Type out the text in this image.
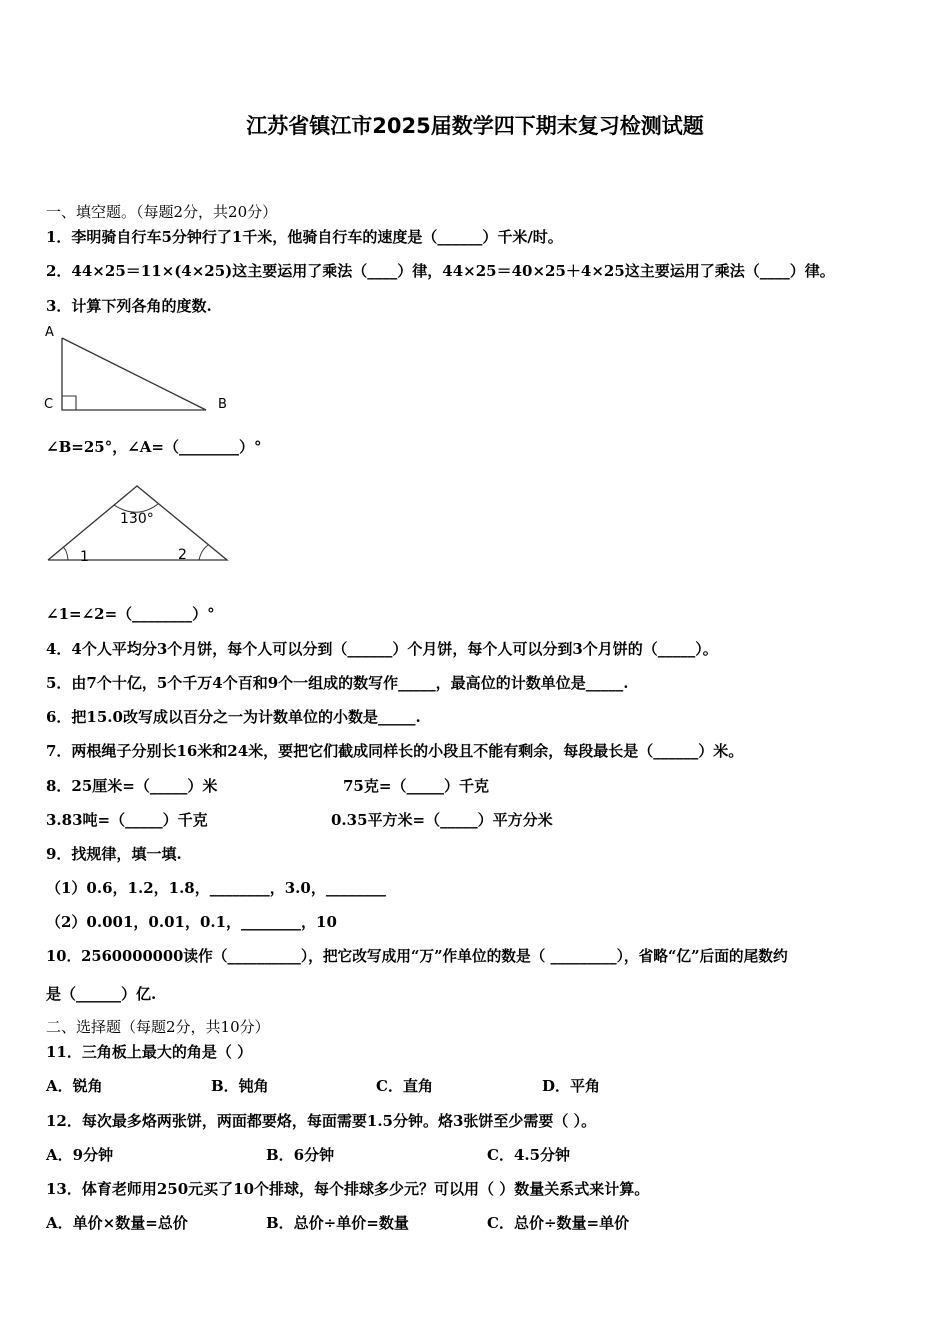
江苏省镇江市2025届数学四下期末复习检测试题
一、填空题。（每题2分，共20分）
1．李明骑自行车5分钟行了1千米，他骑自行车的速度是（______）千米/时。
2．44×25＝11×(4×25)这主要运用了乘法（____）律，44×25＝40×25＋4×25这主要运用了乘法（____）律。
3．计算下列各角的度数.
A
B
C
∠B=25°，∠A=（________）°
130°
1	2
∠1=∠2=（________）°
4．4个人平均分3个月饼，每个人可以分到（______）个月饼，每个人可以分到3个月饼的（_____）。
5．由7个十亿，5个千万4个百和9个一组成的数写作_____，最高位的计数单位是_____.
6．把15.0改写成以百分之一为计数单位的小数是_____.
7．两根绳子分别长16米和24米，要把它们截成同样长的小段且不能有剩余，每段最长是（______）米。
8．25厘米=（_____）米	75克=（_____）千克
3.83吨=（_____）千克	0.35平方米=（_____）平方分米
9．找规律，填一填.
（1）0.6，1.2，1.8，________，3.0，________
（2）0.001，0.01，0.1，________，10
10．2560000000读作（__________），把它改写成用“万”作单位的数是（ _________），省略“亿”后面的尾数约
是（______）亿.
二、选择题（每题2分，共10分）
11．三角板上最大的角是（ ）
A．锐角	B．钝角	C．直角	D．平角
12．每次最多烙两张饼，两面都要烙，每面需要1.5分钟。烙3张饼至少需要（ ）。
A．9分钟	B．6分钟	C．4.5分钟
13．体育老师用250元买了10个排球，每个排球多少元？可以用（ ）数量关系式来计算。
A．单价×数量=总价	B．总价÷单价=数量	C．总价÷数量=单价
